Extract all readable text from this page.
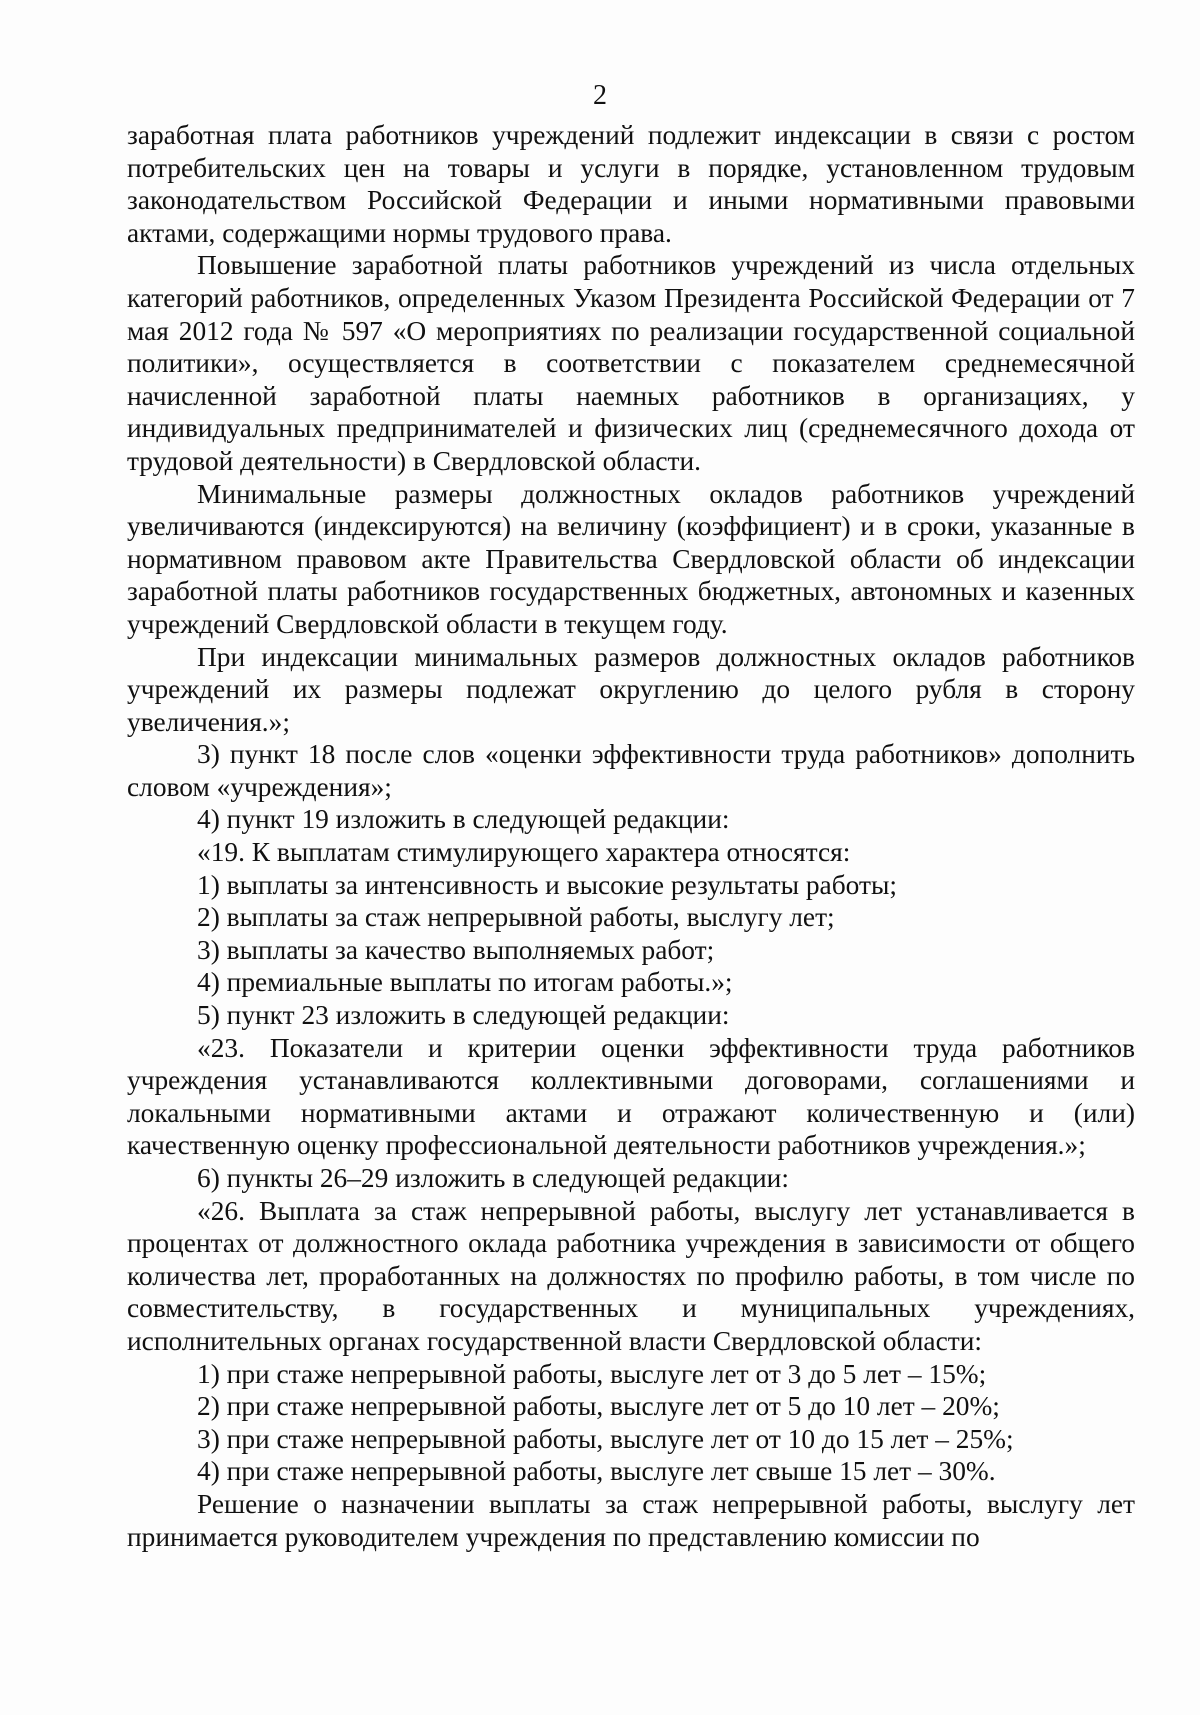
2

заработная плата работников учреждений подлежит индексации в связи с ростом потребительских цен на товары и услуги в порядке, установленном трудовым законодательством Российской Федерации и иными нормативными правовыми актами, содержащими нормы трудового права.

Повышение заработной платы работников учреждений из числа отдельных категорий работников, определенных Указом Президента Российской Федерации от 7 мая 2012 года № 597 «О мероприятиях по реализации государственной социальной политики», осуществляется в соответствии с показателем среднемесячной начисленной заработной платы наемных работников в организациях, у индивидуальных предпринимателей и физических лиц (среднемесячного дохода от трудовой деятельности) в Свердловской области.

Минимальные размеры должностных окладов работников учреждений увеличиваются (индексируются) на величину (коэффициент) и в сроки, указанные в нормативном правовом акте Правительства Свердловской области об индексации заработной платы работников государственных бюджетных, автономных и казенных учреждений Свердловской области в текущем году.

При индексации минимальных размеров должностных окладов работников учреждений их размеры подлежат округлению до целого рубля в сторону увеличения.»;

3) пункт 18 после слов «оценки эффективности труда работников» дополнить словом «учреждения»;

4) пункт 19 изложить в следующей редакции:

«19. К выплатам стимулирующего характера относятся:

1) выплаты за интенсивность и высокие результаты работы;

2) выплаты за стаж непрерывной работы, выслугу лет;

3) выплаты за качество выполняемых работ;

4) премиальные выплаты по итогам работы.»;

5) пункт 23 изложить в следующей редакции:

«23. Показатели и критерии оценки эффективности труда работников учреждения устанавливаются коллективными договорами, соглашениями и локальными нормативными актами и отражают количественную и (или) качественную оценку профессиональной деятельности работников учреждения.»;

6) пункты 26–29 изложить в следующей редакции:

«26. Выплата за стаж непрерывной работы, выслугу лет устанавливается в процентах от должностного оклада работника учреждения в зависимости от общего количества лет, проработанных на должностях по профилю работы, в том числе по совместительству, в государственных и муниципальных учреждениях, исполнительных органах государственной власти Свердловской области:

1) при стаже непрерывной работы, выслуге лет от 3 до 5 лет – 15%;

2) при стаже непрерывной работы, выслуге лет от 5 до 10 лет – 20%;

3) при стаже непрерывной работы, выслуге лет от 10 до 15 лет – 25%;

4) при стаже непрерывной работы, выслуге лет свыше 15 лет – 30%.

Решение о назначении выплаты за стаж непрерывной работы, выслугу лет принимается руководителем учреждения по представлению комиссии по
